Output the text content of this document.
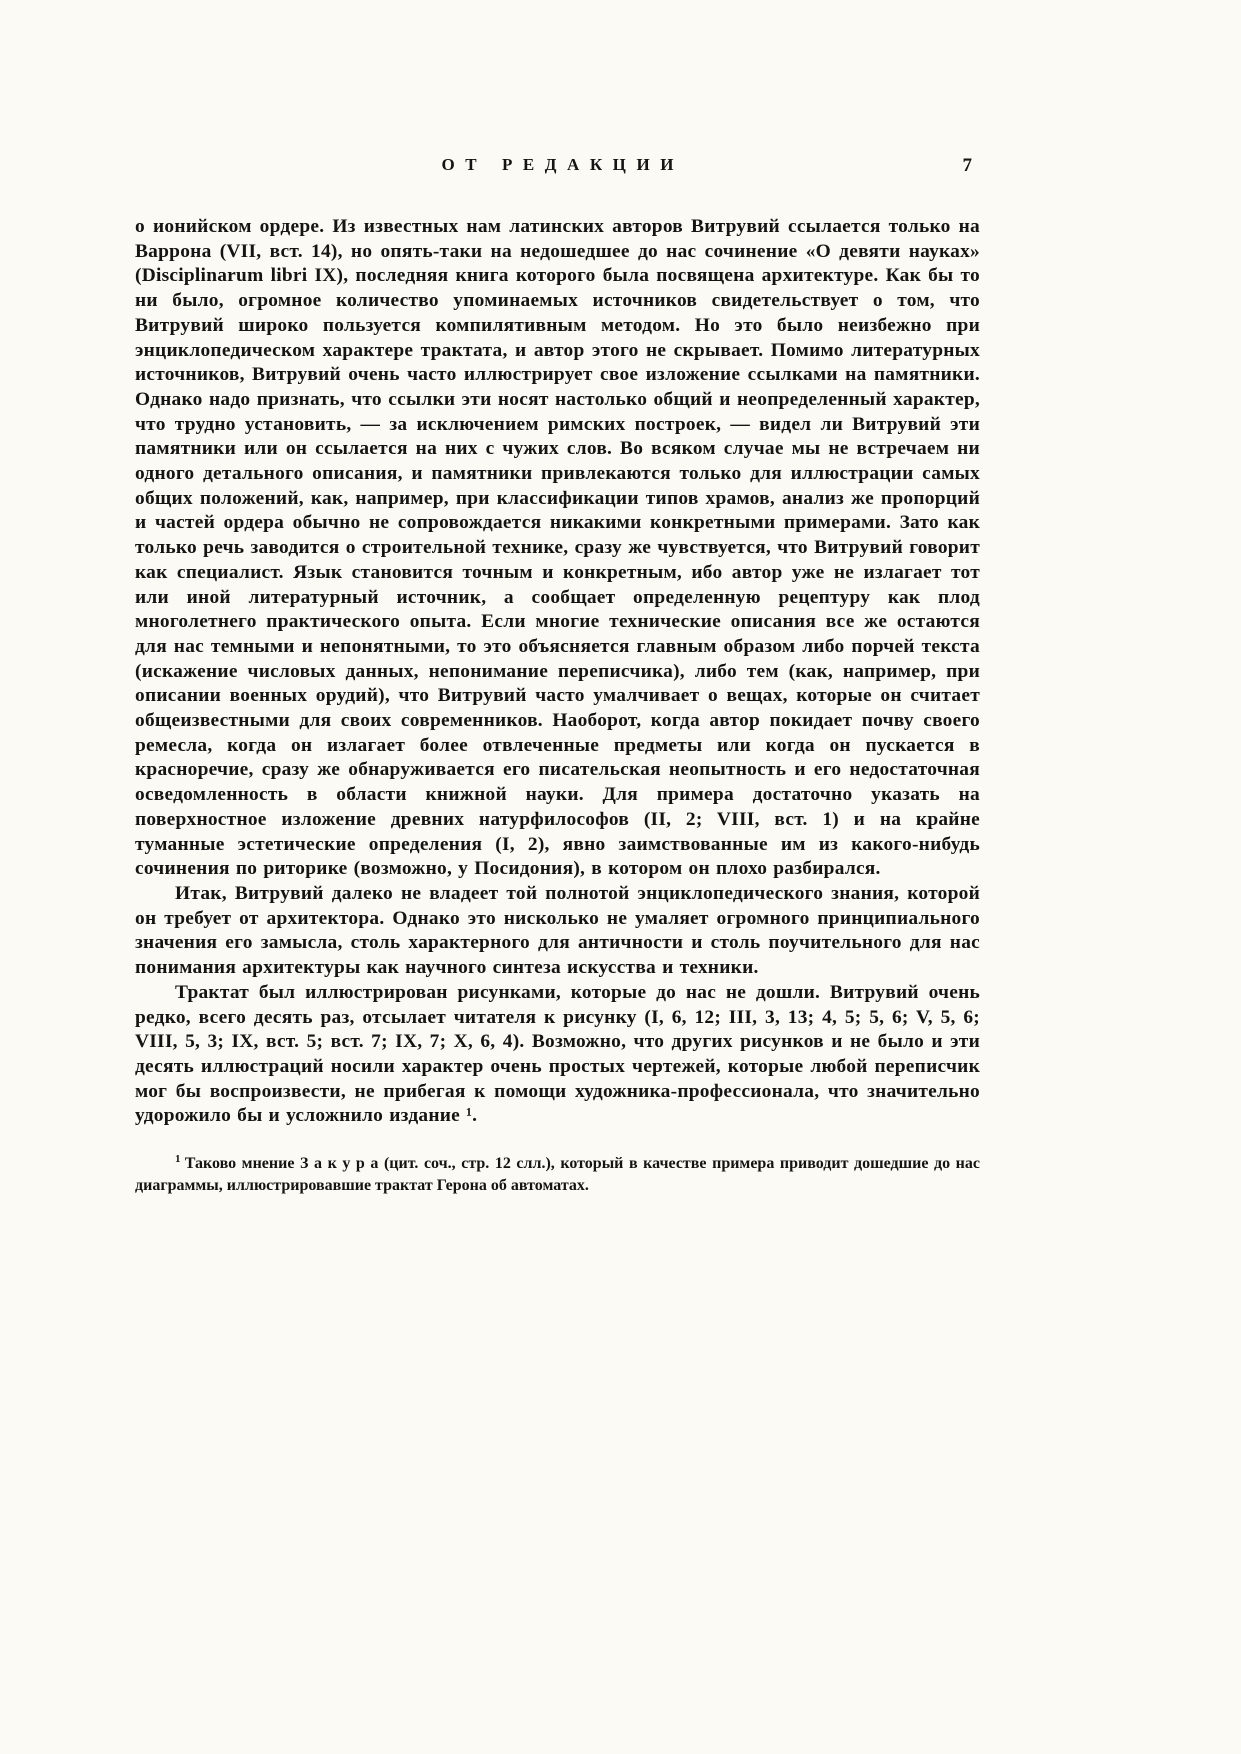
ОТ РЕДАКЦИИ	7

о ионийском ордере. Из известных нам латинских авторов Витрувий ссылается только на Варрона (VII, вст. 14), но опять-таки на недошедшее до нас сочинение «О девяти науках» (Disciplinarum libri IX), последняя книга которого была посвящена архитектуре. Как бы то ни было, огромное количество упоминаемых источников свидетельствует о том, что Витрувий широко пользуется компилятивным методом. Но это было неизбежно при энциклопедическом характере трактата, и автор этого не скрывает. Помимо литературных источников, Витрувий очень часто иллюстрирует свое изложение ссылками на памятники. Однако надо признать, что ссылки эти носят настолько общий и неопределенный характер, что трудно установить, — за исключением римских построек, — видел ли Витрувий эти памятники или он ссылается на них с чужих слов. Во всяком случае мы не встречаем ни одного детального описания, и памятники привлекаются только для иллюстрации самых общих положений, как, например, при классификации типов храмов, анализ же пропорций и частей ордера обычно не сопровождается никакими конкретными примерами. Зато как только речь заводится о строительной технике, сразу же чувствуется, что Витрувий говорит как специалист. Язык становится точным и конкретным, ибо автор уже не излагает тот или иной литературный источник, а сообщает определенную рецептуру как плод многолетнего практического опыта. Если многие технические описания все же остаются для нас темными и непонятными, то это объясняется главным образом либо порчей текста (искажение числовых данных, непонимание переписчика), либо тем (как, например, при описании военных орудий), что Витрувий часто умалчивает о вещах, которые он считает общеизвестными для своих современников. Наоборот, когда автор покидает почву своего ремесла, когда он излагает более отвлеченные предметы или когда он пускается в красноречие, сразу же обнаруживается его писательская неопытность и его недостаточная осведомленность в области книжной науки. Для примера достаточно указать на поверхностное изложение древних натурфилософов (II, 2; VIII, вст. 1) и на крайне туманные эстетические определения (I, 2), явно заимствованные им из какого-нибудь сочинения по риторике (возможно, у Посидония), в котором он плохо разбирался.

Итак, Витрувий далеко не владеет той полнотой энциклопедического знания, которой он требует от архитектора. Однако это нисколько не умаляет огромного принципиального значения его замысла, столь характерного для античности и столь поучительного для нас понимания архитектуры как научного синтеза искусства и техники.

Трактат был иллюстрирован рисунками, которые до нас не дошли. Витрувий очень редко, всего десять раз, отсылает читателя к рисунку (I, 6, 12; III, 3, 13; 4, 5; 5, 6; V, 5, 6; VIII, 5, 3; IX, вст. 5; вст. 7; IX, 7; X, 6, 4). Возможно, что других рисунков и не было и эти десять иллюстраций носили характер очень простых чертежей, которые любой переписчик мог бы воспроизвести, не прибегая к помощи художника-профессионала, что значительно удорожило бы и усложнило издание ¹.

$^1$ Таково мнение З а к у р а (цит. соч., стр. 12 слл.), который в качестве примера приводит дошедшие до нас диаграммы, иллюстрировавшие трактат Герона об автоматах.
